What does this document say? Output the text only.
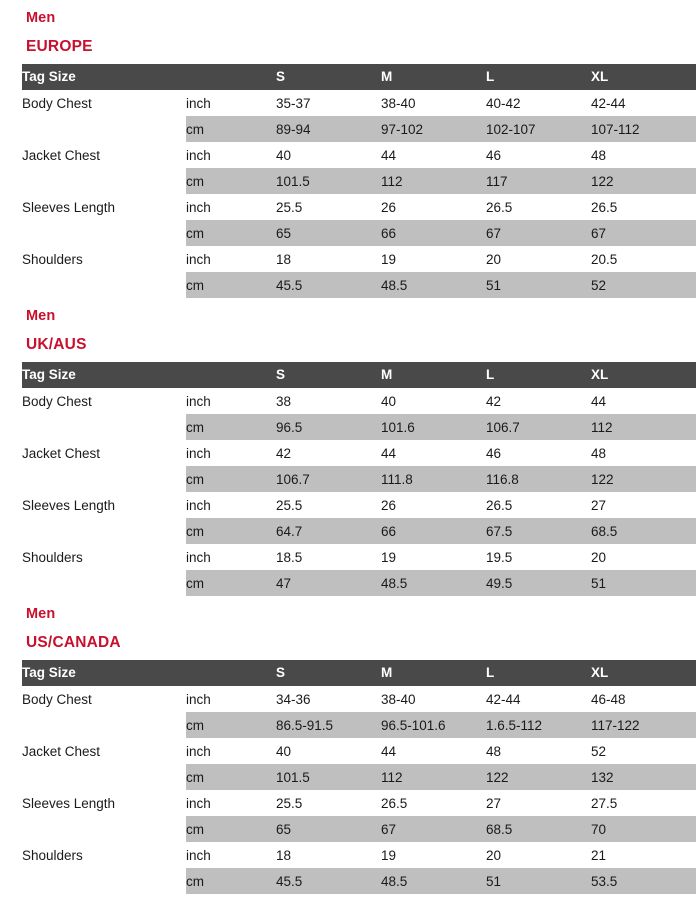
Men
EUROPE
Tag Size		S	M	L	XL
Body Chest	inch	35-37	38-40	40-42	42-44
	cm	89-94	97-102	102-107	107-112
Jacket Chest	inch	40	44	46	48
	cm	101.5	112	117	122
Sleeves Length	inch	25.5	26	26.5	26.5
	cm	65	66	67	67
Shoulders	inch	18	19	20	20.5
	cm	45.5	48.5	51	52
Men
UK/AUS
Tag Size		S	M	L	XL
Body Chest	inch	38	40	42	44
	cm	96.5	101.6	106.7	112
Jacket Chest	inch	42	44	46	48
	cm	106.7	111.8	116.8	122
Sleeves Length	inch	25.5	26	26.5	27
	cm	64.7	66	67.5	68.5
Shoulders	inch	18.5	19	19.5	20
	cm	47	48.5	49.5	51
Men
US/CANADA
Tag Size		S	M	L	XL
Body Chest	inch	34-36	38-40	42-44	46-48
	cm	86.5-91.5	96.5-101.6	1.6.5-112	117-122
Jacket Chest	inch	40	44	48	52
	cm	101.5	112	122	132
Sleeves Length	inch	25.5	26.5	27	27.5
	cm	65	67	68.5	70
Shoulders	inch	18	19	20	21
	cm	45.5	48.5	51	53.5
